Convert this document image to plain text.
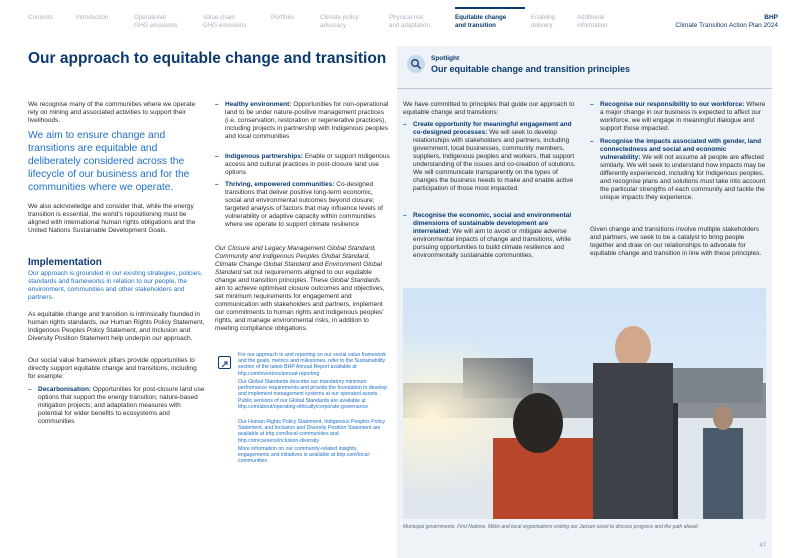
Contents	Introduction	Operational
GHG emissions
Value chain
GHG emissions
Portfolio	Climate policy
advocacy
Physical risk
and adaptation
Equitable change
and transition
Enabling
delivery
Additional
information
BHP
Climate Transition Action Plan 2024
Our approach to equitable change and transition
We recognise many of the communities where we operate rely on mining and associated activities to support their livelihoods.
We aim to ensure change and transitions are equitable and deliberately considered across the lifecycle of our business and for the communities where we operate.
We also acknowledge and consider that, while the energy transition is essential, the world’s repositioning must be aligned with international human rights obligations and the United Nations Sustainable Development Goals.
Implementation
Our approach is grounded in our existing strategies, policies, standards and frameworks in relation to our people, the environment, communities and other stakeholders and partners.
As equitable change and transition is intrinsically founded in human rights standards, our Human Rights Policy Statement, Indigenous Peoples Policy Statement, and Inclusion and Diversity Position Statement help underpin our approach.
Our social value framework pillars provide opportunities to directly support equitable change and transitions, including for example:
– Decarbonisation: Opportunities for post-closure land use options that support the energy transition; nature-based mitigation projects; and adaptation measures with potential for wider benefits to ecosystems and communities
– Healthy environment: Opportunities for non-operational land to be under nature-positive management practices (i.e. conservation, restoration or regenerative practices), including projects in partnership with Indigenous peoples and local communities
– Indigenous partnerships: Enable or support Indigenous access and cultural practices in post-closure land use options
– Thriving, empowered communities: Co-designed transitions that deliver positive long-term economic, social and environmental outcomes beyond closure; targeted analysis of factors that may influence levels of vulnerability or adaptive capacity within communities where we operate to support climate resilience
Our Closure and Legacy Management Global Standard, Community and Indigenous Peoples Global Standard, Climate Change Global Standard and Environment Global Standard set out requirements aligned to our equitable change and transition principles. These Global Standards aim to achieve optimised closure outcomes and objectives, set minimum requirements for engagement and communication with stakeholders and partners, implement our commitments to human rights and Indigenous peoples’ rights, and manage environmental risks, in addition to meeting compliance obligations.
For our approach to and reporting on our social value framework and the goals, metrics and milestones, refer to the Sustainability section of the latest BHP Annual Report available at bhp.com/investors/annual-reporting
Our Global Standards describe our mandatory minimum performance requirements and provide the foundation to develop and implement management systems at our operated assets. Public versions of our Global Standards are available at bhp.com/about/operating-ethically/corporate-governance
Our Human Rights Policy Statement, Indigenous Peoples Policy Statement, and Inclusion and Diversity Position Statement are available at bhp.com/local-communities and bhp.com/careers/inclusion-diversity
More information on our community-related insights, engagements and initiatives is available at bhp.com/local-communities
Spotlight
Our equitable change and transition principles
We have committed to principles that guide our approach to equitable change and transitions:
– Create opportunity for meaningful engagement and co-designed processes: We will seek to develop relationships with stakeholders and partners, including government, local businesses, community members, suppliers, Indigenous peoples and workers, that support understanding of the issues and co-creation of solutions. We will communicate transparently on the types of changes the business needs to make and enable active participation of those most impacted.
– Recognise the economic, social and environmental dimensions of sustainable development are interrelated: We will aim to avoid or mitigate adverse environmental impacts of change and transitions, while pursuing opportunities to build climate resilience and environmentally sustainable communities.
– Recognise our responsibility to our workforce: Where a major change in our business is expected to affect our workforce, we will engage in meaningful dialogue and support those impacted.
– Recognise the impacts associated with gender, land connectedness and social and economic vulnerability: We will not assume all people are affected similarly. We will seek to understand how impacts may be differently experienced, including for Indigenous peoples, and recognise plans and solutions must take into account the particular strengths of each community and tackle the unique impacts they experience.
Given change and transitions involve multiple stakeholders and partners, we seek to be a catalyst to bring people together and draw on our relationships to advocate for equitable change and transition in line with these principles.
Municipal governments, First Nations, Métis and local organisations visiting our Jansen asset to discuss progress and the path ahead
47
